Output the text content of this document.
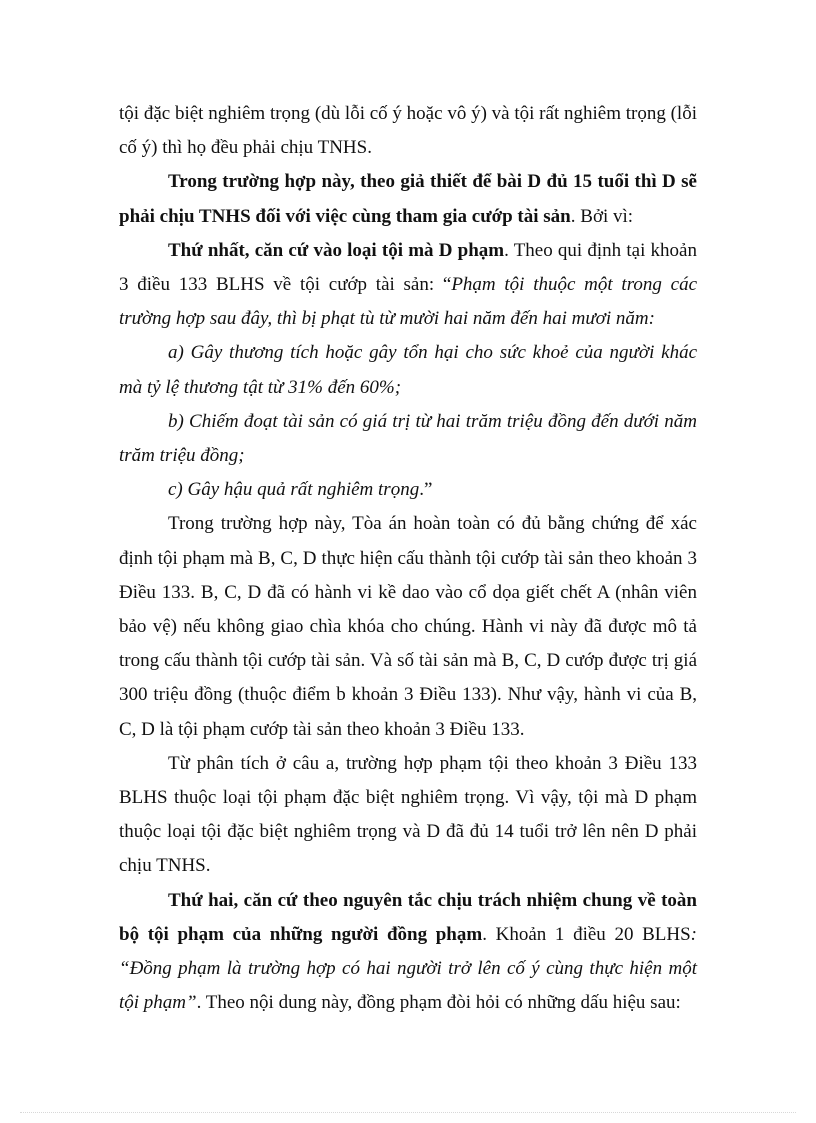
tội đặc biệt nghiêm trọng (dù lỗi cố ý hoặc vô ý) và tội rất nghiêm trọng (lỗi cố ý) thì họ đều phải chịu TNHS.

Trong trường hợp này, theo giả thiết để bài D đủ 15 tuổi thì D sẽ phải chịu TNHS đối với việc cùng tham gia cướp tài sản. Bởi vì:

Thứ nhất, căn cứ vào loại tội mà D phạm. Theo qui định tại khoản 3 điều 133 BLHS về tội cướp tài sản: “Phạm tội thuộc một trong các trường hợp sau đây, thì bị phạt tù từ mười hai năm đến hai mươi năm:

a) Gây thương tích hoặc gây tổn hại cho sức khoẻ của người khác mà tỷ lệ thương tật từ 31% đến 60%;

b) Chiếm đoạt tài sản có giá trị từ hai trăm triệu đồng đến dưới năm trăm triệu đồng;

c) Gây hậu quả rất nghiêm trọng.”

Trong trường hợp này, Tòa án hoàn toàn có đủ bằng chứng để xác định tội phạm mà B, C, D thực hiện cấu thành tội cướp tài sản theo khoản 3 Điều 133. B, C, D đã có hành vi kề dao vào cổ dọa giết chết A (nhân viên bảo vệ) nếu không giao chìa khóa cho chúng. Hành vi này đã được mô tả trong cấu thành tội cướp tài sản. Và số tài sản mà B, C, D cướp được trị giá 300 triệu đồng (thuộc điểm b khoản 3 Điều 133). Như vậy, hành vi của B, C, D là tội phạm cướp tài sản theo khoản 3 Điều 133.

Từ phân tích ở câu a, trường hợp phạm tội theo khoản 3 Điều 133 BLHS thuộc loại tội phạm đặc biệt nghiêm trọng. Vì vậy, tội mà D phạm thuộc loại tội đặc biệt nghiêm trọng và D đã đủ 14 tuổi trở lên nên D phải chịu TNHS.

Thứ hai, căn cứ theo nguyên tắc chịu trách nhiệm chung về toàn bộ tội phạm của những người đồng phạm. Khoản 1 điều 20 BLHS: “Đồng phạm là trường hợp có hai người trở lên cố ý cùng thực hiện một tội phạm”. Theo nội dung này, đồng phạm đòi hỏi có những dấu hiệu sau:
